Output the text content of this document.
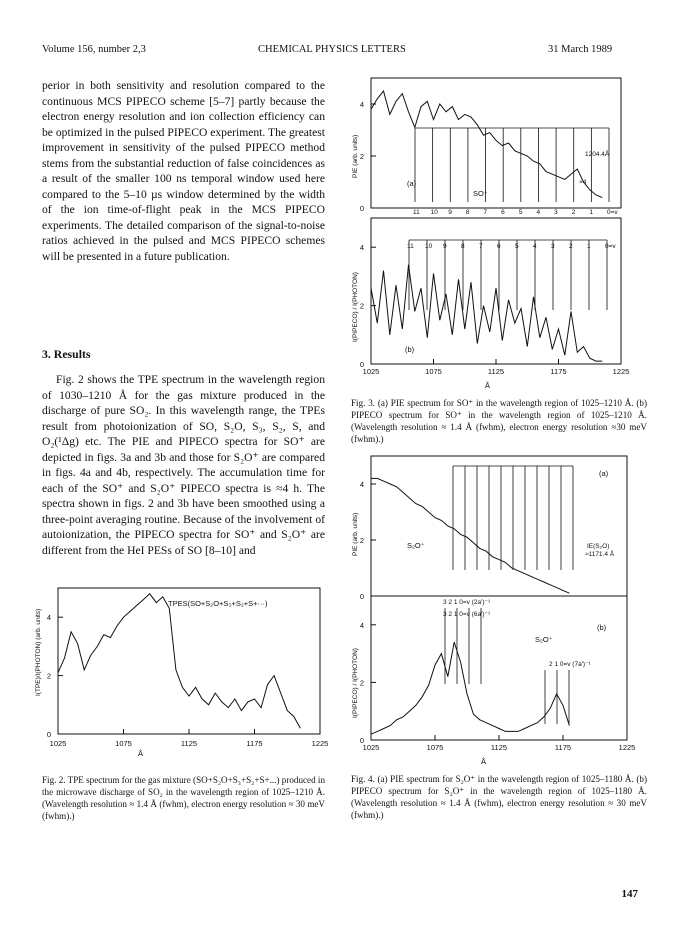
Volume 156, number 2,3	CHEMICAL PHYSICS LETTERS	31 March 1989

perior in both sensitivity and resolution compared to the continuous MCS PIPECO scheme [5–7] partly because the electron energy resolution and ion collection efficiency can be optimized in the pulsed PIPECO experiment. The greatest improvement in sensitivity of the pulsed PIPECO method stems from the substantial reduction of false coincidences as a result of the smaller 100 ns temporal window used here compared to the 5–10 µs window determined by the width of the ion time-of-flight peak in the MCS PIPECO experiments. The detailed comparison of the signal-to-noise ratios achieved in the pulsed and MCS PIPECO schemes will be presented in a future publication.

3. Results

Fig. 2 shows the TPE spectrum in the wavelength region of 1030–1210 Å for the gas mixture produced in the discharge of pure SO₂. In this wavelength range, the TPEs result from photoionization of SO, S₂O, S₃, S₂, S, and O₂(¹Δg) etc. The PIE and PIPECO spectra for SO⁺ are depicted in figs. 3a and 3b and those for S₂O⁺ are compared in figs. 4a and 4b, respectively. The accumulation time for each of the SO⁺ and S₂O⁺ PIPECO spectra is ≈4 h. The spectra shown in figs. 2 and 3b have been smoothed using a three-point averaging routine. Because of the involvement of autoionization, the PIPECO spectra for SO⁺ and S₂O⁺ are different from the HeI PESs of SO [8–10] and

1025	1075	1125	1175	1225
0
2
4
TPES(SO+S₂O+S₃+S₂+S+···)
I(TPE)/I(PHOTON) (arb. units)
Å

Fig. 2. TPE spectrum for the gas mixture (SO+S₂O+S₃+S₂+S+...) produced in the microwave discharge of SO₂ in the wavelength region of 1025–1210 Å. (Wavelength resolution ≈ 1.4 Å (fwhm), electron energy resolution ≈ 30 meV (fwhm).)

0
2
4
0
2
4
1025	1075	1125	1175	1225
11 10 9 8 7 6 5 4 3 2 1 0=v
11 10 9 8 7 6 5 4 3 2 1 0=v
(a)
SO⁺
1204.4Å
×4
(b)
PIE (arb. units)
I(PIPECO) / I(PHOTON)
Å

Fig. 3. (a) PIE spectrum for SO⁺ in the wavelength region of 1025–1210 Å. (b) PIPECO spectrum for SO⁺ in the wavelength region of 1025–1210 Å. (Wavelength resolution ≈ 1.4 Å (fwhm), electron energy resolution ≈30 meV (fwhm).)

0
2
4
0
2
4
1025	1075	1125	1175	1225
(a)
S₂O⁺	IE(S₂O)
≈1171.4 Å
(b)
S₂O⁺
3 2 1 0=v (2a′)⁻¹
3 2 1 0=v (6a′)⁻¹
2 1 0=v (7a′)⁻¹
PIE (arb. units)
I(PIPECO) / I(PHOTON)
Å

Fig. 4. (a) PIE spectrum for S₂O⁺ in the wavelength region of 1025–1180 Å. (b) PIPECO spectrum for S₂O⁺ in the wavelength region of 1025–1180 Å. (Wavelength resolution ≈ 1.4 Å (fwhm), electron energy resolution ≈ 30 meV (fwhm).)

147
